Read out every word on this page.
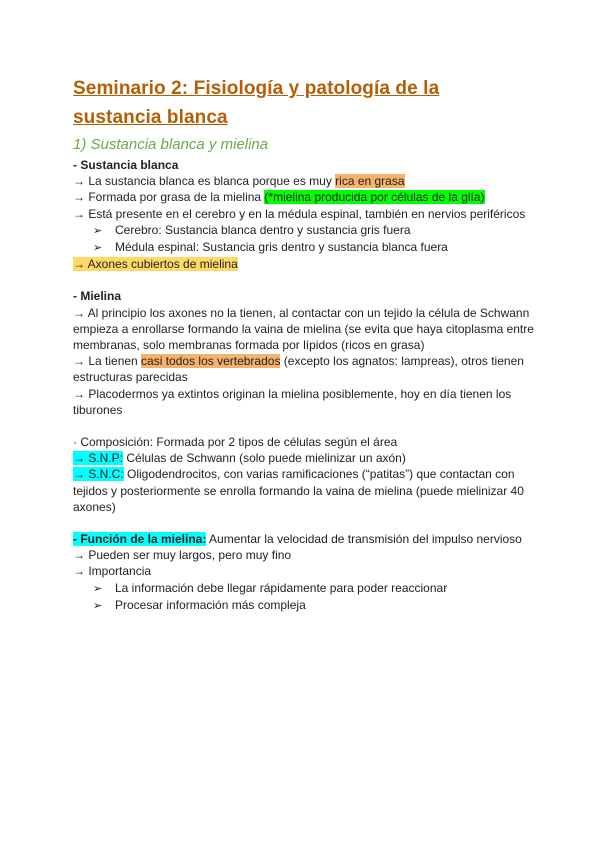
Seminario 2: Fisiología y patología de la sustancia blanca
1) Sustancia blanca y mielina
- Sustancia blanca
→ La sustancia blanca es blanca porque es muy rica en grasa
→ Formada por grasa de la mielina (*mielina producida por células de la glía)
→ Está presente en el cerebro y en la médula espinal, también en nervios periféricos
➢ Cerebro: Sustancia blanca dentro y sustancia gris fuera
➢ Médula espinal: Sustancia gris dentro y sustancia blanca fuera
→ Axones cubiertos de mielina
- Mielina
→ Al principio los axones no la tienen, al contactar con un tejido la célula de Schwann empieza a enrollarse formando la vaina de mielina (se evita que haya citoplasma entre membranas, solo membranas formada por lípidos (ricos en grasa)
→ La tienen casi todos los vertebrados (excepto los agnatos: lampreas), otros tienen estructuras parecidas
→ Placodermos ya extintos originan la mielina posiblemente, hoy en día tienen los tiburones
· Composición: Formada por 2 tipos de células según el área
→ S.N.P: Células de Schwann (solo puede mielinizar un axón)
→ S.N.C: Oligodendrocitos, con varias ramificaciones (“patitas”) que contactan con tejidos y posteriormente se enrolla formando la vaina de mielina (puede mielinizar 40 axones)
- Función de la mielina: Aumentar la velocidad de transmisión del impulso nervioso
→ Pueden ser muy largos, pero muy fino
→ Importancia
➢ La información debe llegar rápidamente para poder reaccionar
➢ Procesar información más compleja
